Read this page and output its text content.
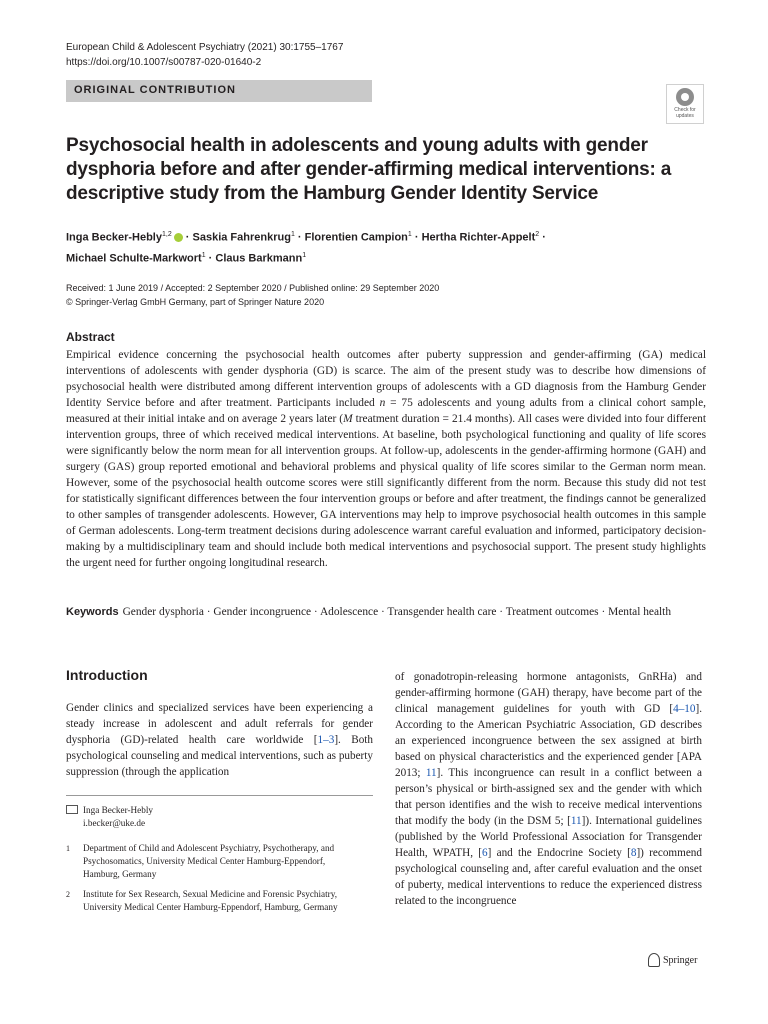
European Child & Adolescent Psychiatry (2021) 30:1755–1767
https://doi.org/10.1007/s00787-020-01640-2
ORIGINAL CONTRIBUTION
Check for
updates
Psychosocial health in adolescents and young adults with gender dysphoria before and after gender-affirming medical interventions: a descriptive study from the Hamburg Gender Identity Service
Inga Becker-Hebly$^{1,2}$ · Saskia Fahrenkrug$^1$ · Florentien Campion$^1$ · Hertha Richter-Appelt$^2$ ·
Michael Schulte-Markwort$^1$ · Claus Barkmann$^1$
Received: 1 June 2019 / Accepted: 2 September 2020 / Published online: 29 September 2020
© Springer-Verlag GmbH Germany, part of Springer Nature 2020
Abstract
Empirical evidence concerning the psychosocial health outcomes after puberty suppression and gender-affirming (GA) medical interventions of adolescents with gender dysphoria (GD) is scarce. The aim of the present study was to describe how dimensions of psychosocial health were distributed among different intervention groups of adolescents with a GD diagnosis from the Hamburg Gender Identity Service before and after treatment. Participants included n = 75 adolescents and young adults from a clinical cohort sample, measured at their initial intake and on average 2 years later (M treatment duration = 21.4 months). All cases were divided into four different intervention groups, three of which received medical interventions. At baseline, both psychological functioning and quality of life scores were significantly below the norm mean for all intervention groups. At follow-up, adolescents in the gender-affirming hormone (GAH) and surgery (GAS) group reported emotional and behavioral problems and physical quality of life scores similar to the German norm mean. However, some of the psychosocial health outcome scores were still significantly different from the norm. Because this study did not test for statistically significant differences between the four intervention groups or before and after treatment, the findings cannot be generalized to other samples of transgender adolescents. However, GA interventions may help to improve psychosocial health outcomes in this sample of German adolescents. Long-term treatment decisions during adolescence warrant careful evaluation and informed, participatory decision-making by a multidisciplinary team and should include both medical interventions and psychosocial support. The present study highlights the urgent need for further ongoing longitudinal research.
Keywords Gender dysphoria · Gender incongruence · Adolescence · Transgender health care · Treatment outcomes · Mental health
Introduction
Gender clinics and specialized services have been experiencing a steady increase in adolescent and adult referrals for gender dysphoria (GD)-related health care worldwide [1–3]. Both psychological counseling and medical interventions, such as puberty suppression (through the application
of gonadotropin-releasing hormone antagonists, GnRHa) and gender-affirming hormone (GAH) therapy, have become part of the clinical management guidelines for youth with GD [4–10]. According to the American Psychiatric Association, GD describes an experienced incongruence between the sex assigned at birth based on physical characteristics and the experienced gender [APA 2013; 11]. This incongruence can result in a conflict between a person’s physical or birth-assigned sex and the gender with which that person identifies and the wish to receive medical interventions that modify the body (in the DSM 5; [11]). International guidelines (published by the World Professional Association for Transgender Health, WPATH, [6] and the Endocrine Society [8]) recommend psychological counseling and, after careful evaluation and the onset of puberty, medical interventions to reduce the experienced distress related to the incongruence
Inga Becker-Hebly
i.becker@uke.de
1 Department of Child and Adolescent Psychiatry, Psychotherapy, and Psychosomatics, University Medical Center Hamburg-Eppendorf, Hamburg, Germany
2 Institute for Sex Research, Sexual Medicine and Forensic Psychiatry, University Medical Center Hamburg-Eppendorf, Hamburg, Germany
Springer
